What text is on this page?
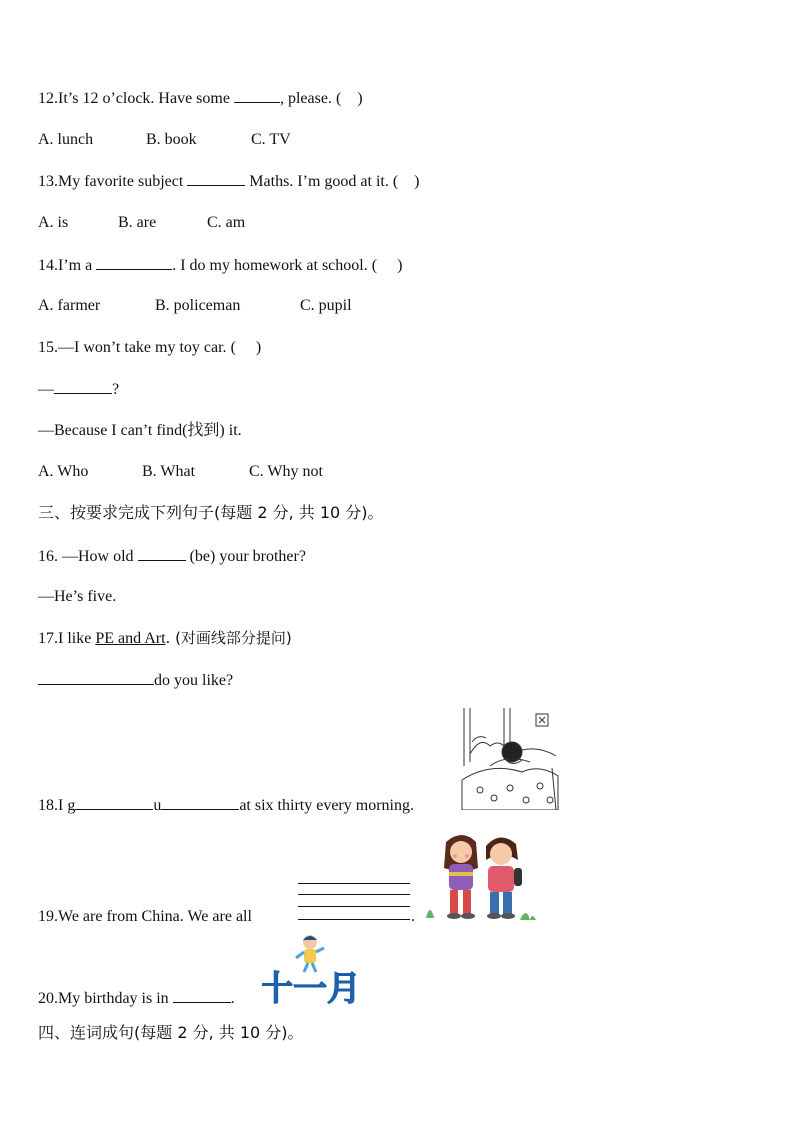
12.It’s 12 o’clock. Have some	, please. (    )
A. lunch	B. book	C. TV
13.My favorite subject	Maths. I’m good at it. (    )
A. is	B. are	C. am
14.I’m a	. I do my homework at school. (     )
A. farmer	B. policeman	C. pupil
15.—I won’t take my toy car. (     )
—	?
—Because I can’t find(找到) it.
A. Who	B. What	C. Why not
三、按要求完成下列句子(每题 2 分, 共 10 分)。
16. —How old	(be) your brother?
—He’s five.
17.I like PE and Art. (对画线部分提问)
do you like?
18.I g	u	at six thirty every morning.
19.We are from China. We are all	.
十一月
20.My birthday is in	.
四、连词成句(每题 2 分, 共 10 分)。
